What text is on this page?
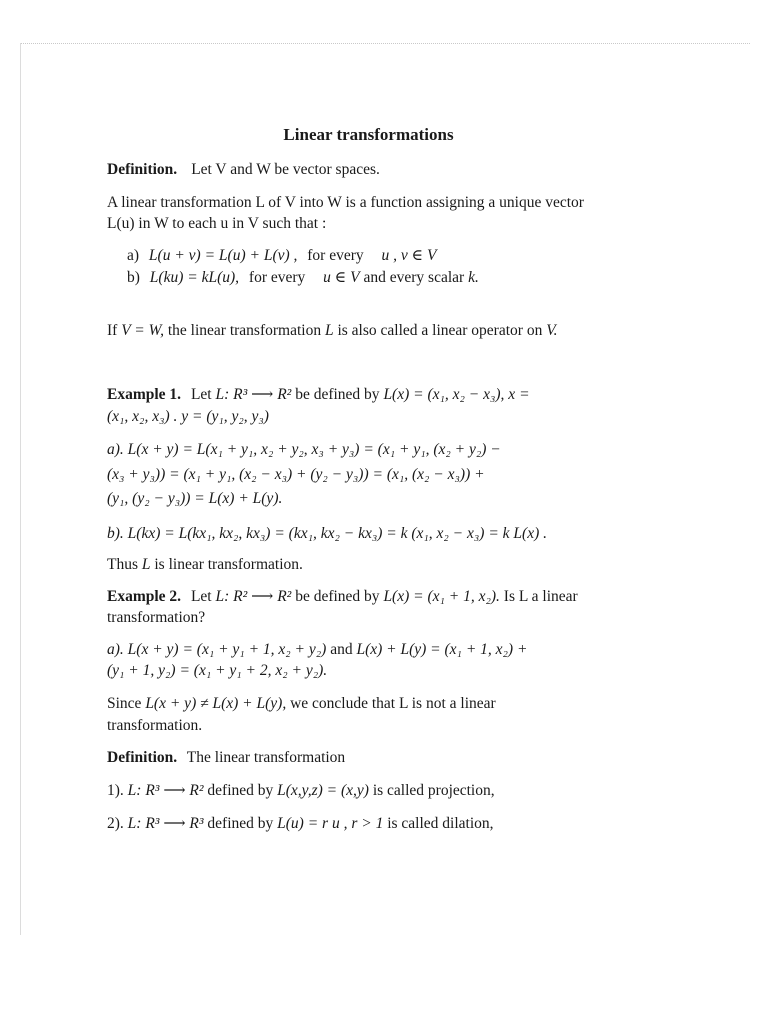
Linear transformations
Definition. Let V and W be vector spaces.
A linear transformation L of V into W is a function assigning a unique vector
L(u) in W to each u in V such that :
a) L(u + v) = L(u) + L(v) , for every u , v ∈ V
b) L(ku) = kL(u), for every u ∈ V and every scalar k.
If V = W, the linear transformation L is also called a linear operator on V.
Example 1. Let L: R³ ⟶ R² be defined by L(x) = (x₁, x₂ − x₃), x =
(x₁, x₂, x₃) . y = (y₁, y₂, y₃)
a). L(x + y) = L(x₁ + y₁, x₂ + y₂, x₃ + y₃) = (x₁ + y₁, (x₂ + y₂) −
(x₃ + y₃)) = (x₁ + y₁, (x₂ − x₃) + (y₂ − y₃)) = (x₁, (x₂ − x₃)) +
(y₁, (y₂ − y₃)) = L(x) + L(y).
b). L(kx) = L(kx₁, kx₂, kx₃) = (kx₁, kx₂ − kx₃) = k (x₁, x₂ − x₃) = k L(x) .
Thus L is linear transformation.
Example 2. Let L: R² ⟶ R² be defined by L(x) = (x₁ + 1, x₂). Is L a linear
transformation?
a). L(x + y) = (x₁ + y₁ + 1, x₂ + y₂) and L(x) + L(y) = (x₁ + 1, x₂) +
(y₁ + 1, y₂) = (x₁ + y₁ + 2, x₂ + y₂).
Since L(x + y) ≠ L(x) + L(y), we conclude that L is not a linear
transformation.
Definition. The linear transformation
1). L: R³ ⟶ R² defined by L(x,y,z) = (x,y) is called projection,
2). L: R³ ⟶ R³ defined by L(u) = r u , r > 1 is called dilation,
